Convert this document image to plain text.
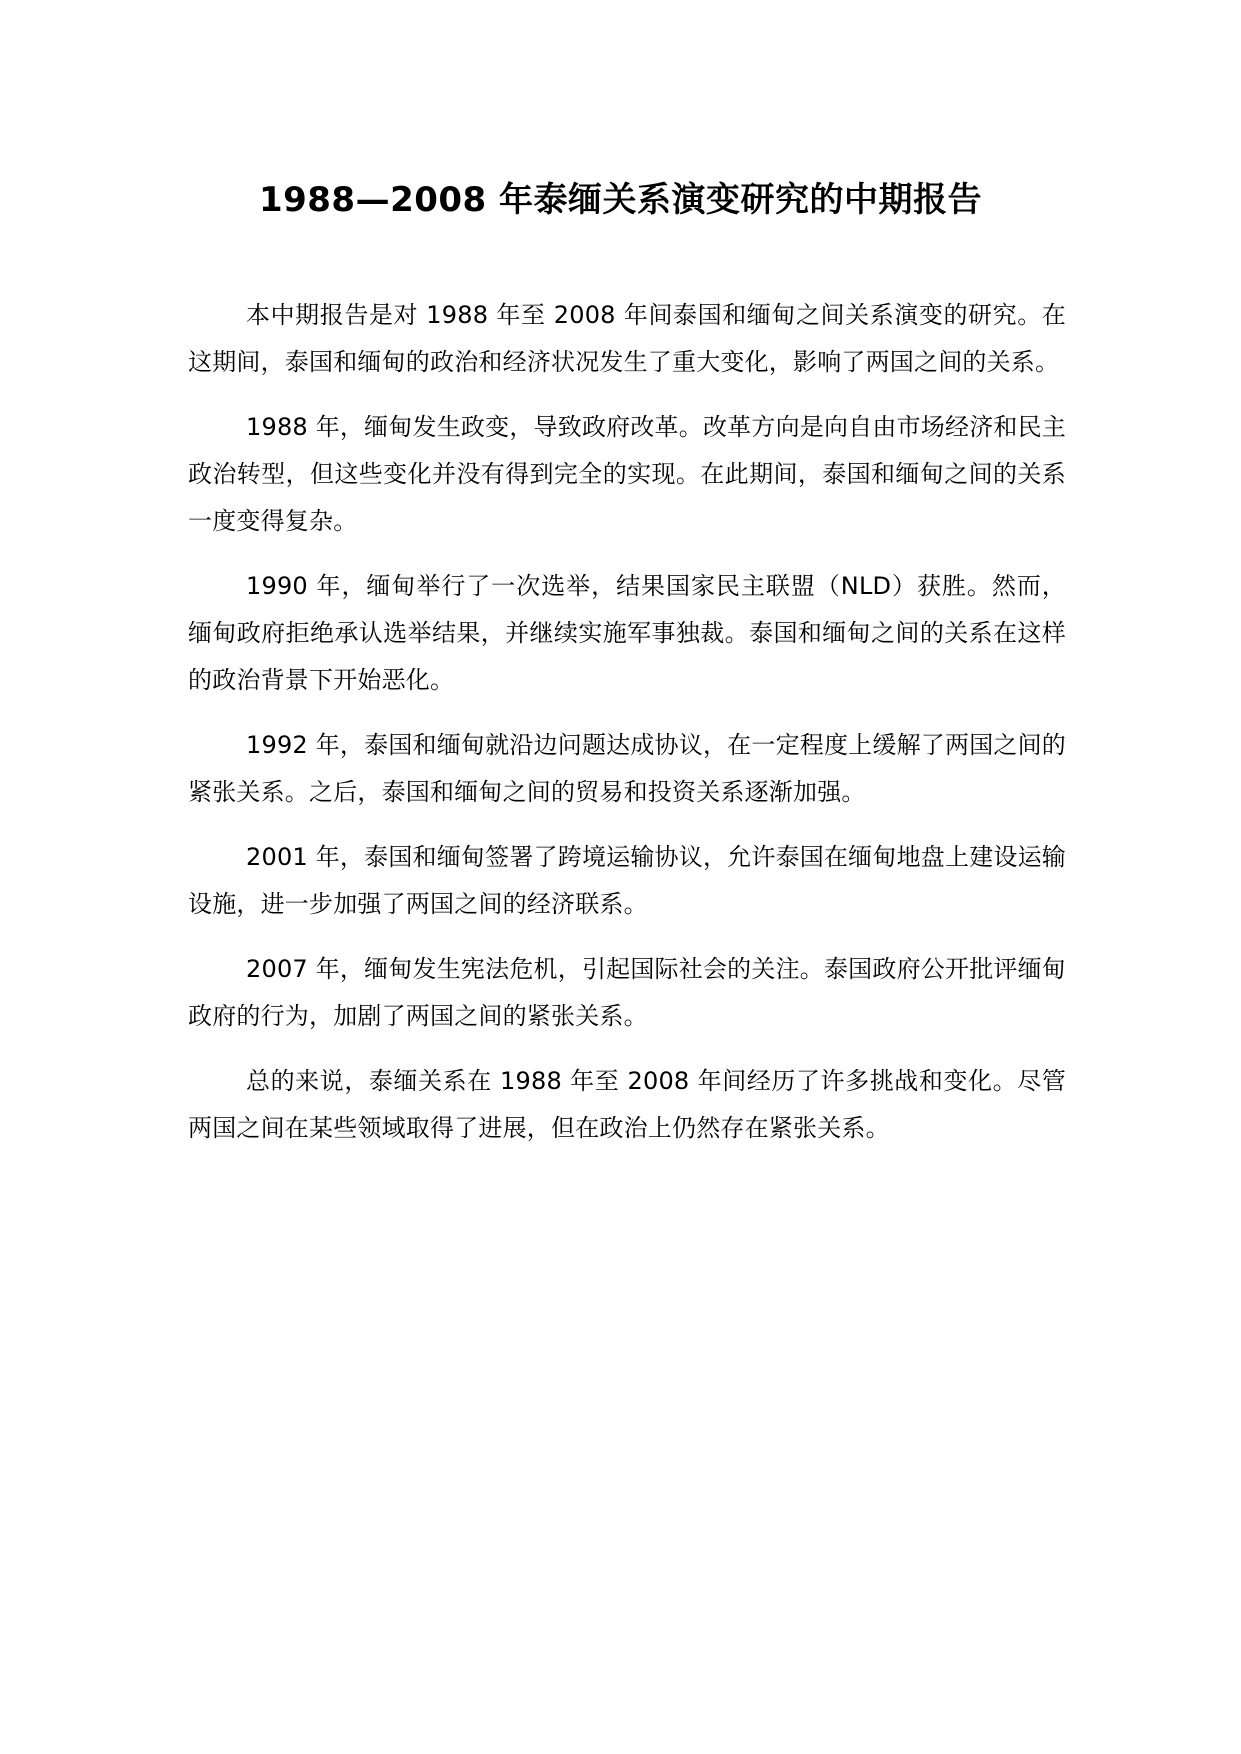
1988—2008 年泰缅关系演变研究的中期报告

本中期报告是对 1988 年至 2008 年间泰国和缅甸之间关系演变的研究。在这期间，泰国和缅甸的政治和经济状况发生了重大变化，影响了两国之间的关系。

1988 年，缅甸发生政变，导致政府改革。改革方向是向自由市场经济和民主政治转型，但这些变化并没有得到完全的实现。在此期间，泰国和缅甸之间的关系一度变得复杂。

1990 年，缅甸举行了一次选举，结果国家民主联盟（NLD）获胜。然而，缅甸政府拒绝承认选举结果，并继续实施军事独裁。泰国和缅甸之间的关系在这样的政治背景下开始恶化。

1992 年，泰国和缅甸就沿边问题达成协议，在一定程度上缓解了两国之间的紧张关系。之后，泰国和缅甸之间的贸易和投资关系逐渐加强。

2001 年，泰国和缅甸签署了跨境运输协议，允许泰国在缅甸地盘上建设运输设施，进一步加强了两国之间的经济联系。

2007 年，缅甸发生宪法危机，引起国际社会的关注。泰国政府公开批评缅甸政府的行为，加剧了两国之间的紧张关系。

总的来说，泰缅关系在 1988 年至 2008 年间经历了许多挑战和变化。尽管两国之间在某些领域取得了进展，但在政治上仍然存在紧张关系。
